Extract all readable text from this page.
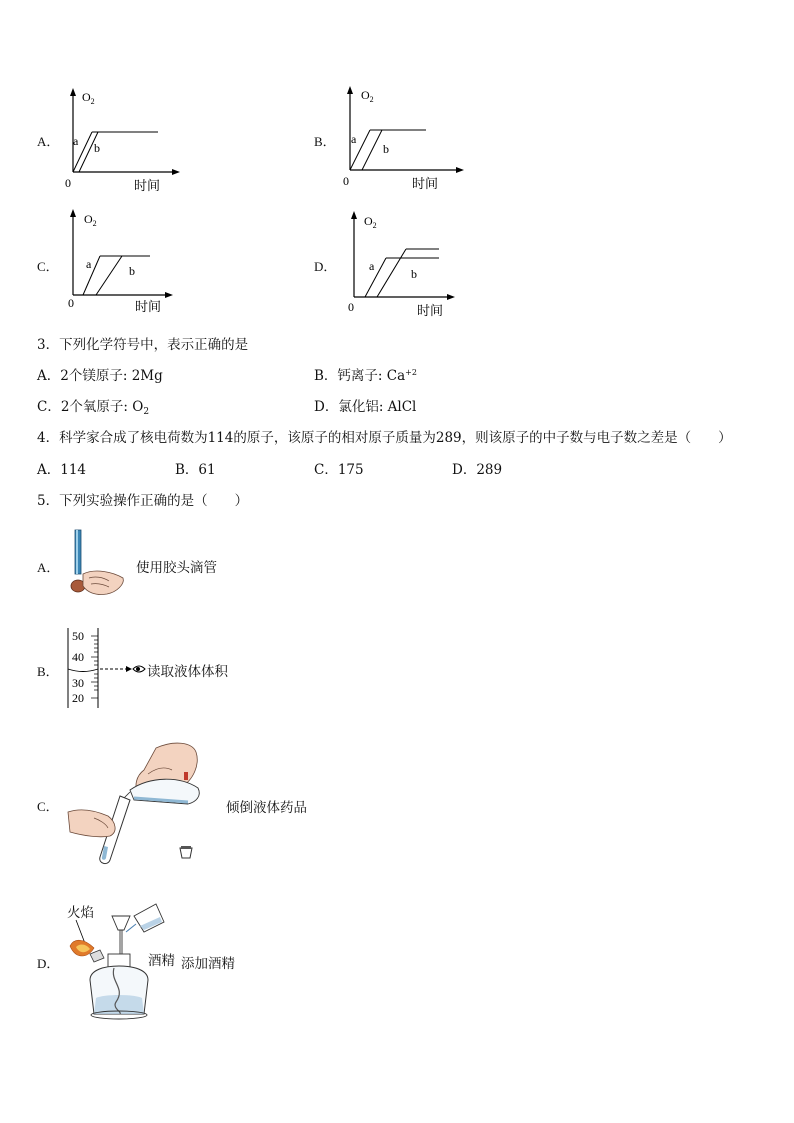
A．
$O_2$
a b
0	时间
B．
$O_2$
a
b
0	时间
C．
$O_2$
a	b
0	时间
D．
$O_2$
a
b
0	时间
3．下列化学符号中，表示正确的是
A．2个镁原子: 2Mg	B．钙离子: $Ca^{+2}$
C．2个氧原子: $O_2$	D．氯化铝: AlCl
4．科学家合成了核电荷数为114的原子，该原子的相对原子质量为289，则该原子的中子数与电子数之差是（　　）
A．114	B．61	C．175	D．289
5．下列实验操作正确的是（　　）
A．	使用胶头滴管
B．
50
40
30
20
读取液体体积
C．	倾倒液体药品
D．
火焰
酒精 添加酒精
